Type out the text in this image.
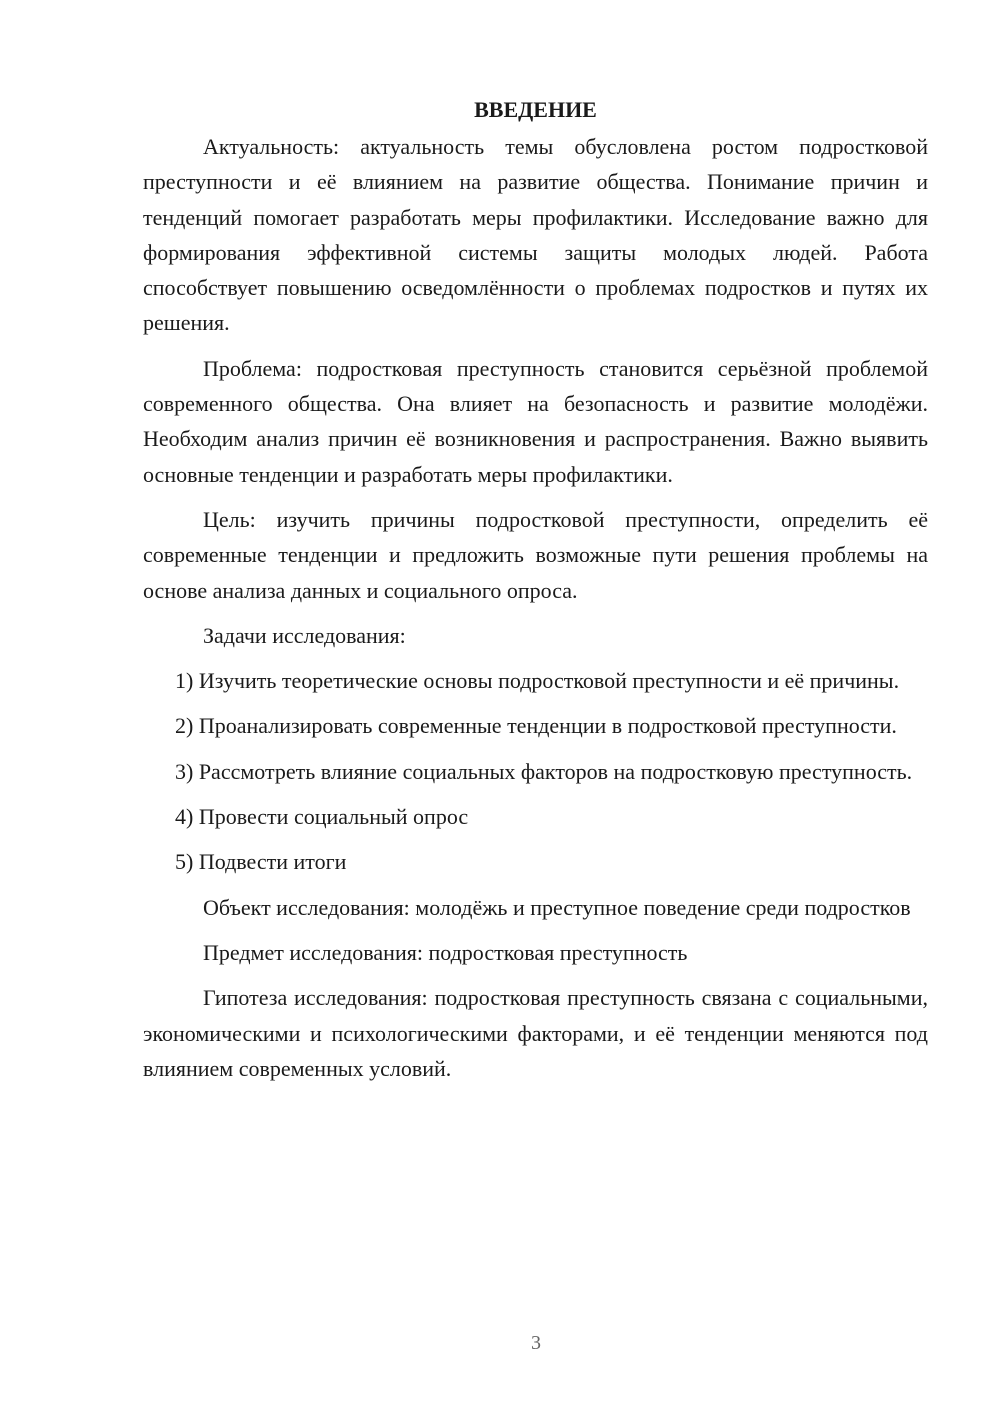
ВВЕДЕНИЕ

Актуальность: актуальность темы обусловлена ростом подростковой преступности и её влиянием на развитие общества. Понимание причин и тенденций помогает разработать меры профилактики. Исследование важно для формирования эффективной системы защиты молодых людей. Работа способствует повышению осведомлённости о проблемах подростков и путях их решения.

Проблема: подростковая преступность становится серьёзной проблемой современного общества. Она влияет на безопасность и развитие молодёжи. Необходим анализ причин её возникновения и распространения. Важно выявить основные тенденции и разработать меры профилактики.

Цель: изучить причины подростковой преступности, определить её современные тенденции и предложить возможные пути решения проблемы на основе анализа данных и социального опроса.

Задачи исследования:

1) Изучить теоретические основы подростковой преступности и её причины.

2) Проанализировать современные тенденции в подростковой преступности.

3) Рассмотреть влияние социальных факторов на подростковую преступность.

4) Провести социальный опрос

5) Подвести итоги

Объект исследования: молодёжь и преступное поведение среди подростков

Предмет исследования: подростковая преступность

Гипотеза исследования: подростковая преступность связана с социальными, экономическими и психологическими факторами, и её тенденции меняются под влиянием современных условий.

3
